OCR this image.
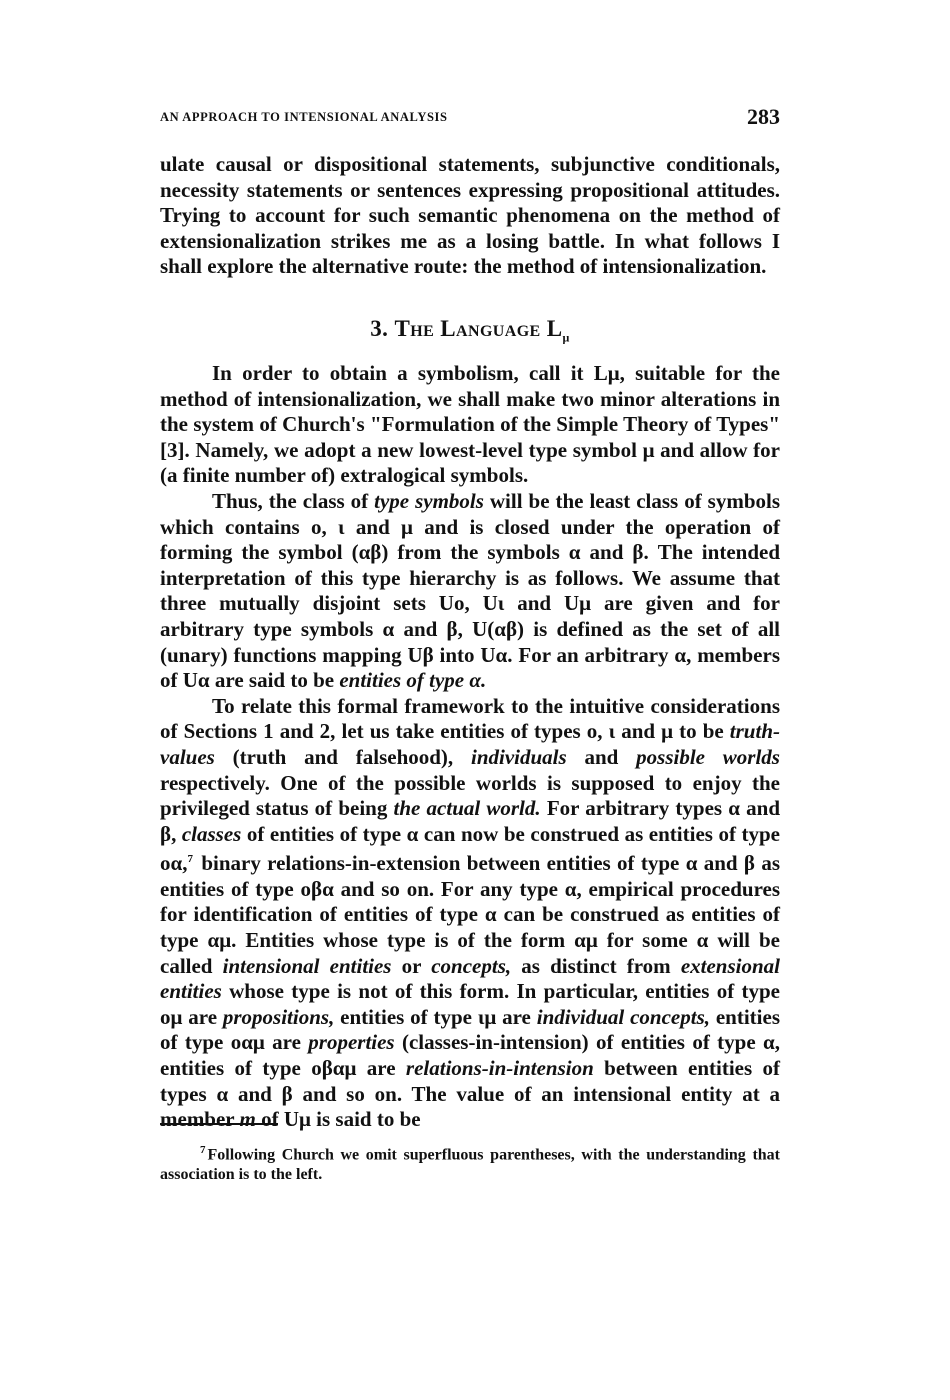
AN APPROACH TO INTENSIONAL ANALYSIS	283

ulate causal or dispositional statements, subjunctive conditionals, necessity statements or sentences expressing propositional attitudes. Trying to account for such semantic phenomena on the method of extensionalization strikes me as a losing battle. In what follows I shall explore the alternative route: the method of intensionalization.

3. The Language $L_\mu$

In order to obtain a symbolism, call it Lμ, suitable for the method of intensionalization, we shall make two minor alterations in the system of Church's "Formulation of the Simple Theory of Types" [3]. Namely, we adopt a new lowest-level type symbol μ and allow for (a finite number of) extralogical symbols.

Thus, the class of type symbols will be the least class of symbols which contains o, ι and μ and is closed under the operation of forming the symbol (αβ) from the symbols α and β. The intended interpretation of this type hierarchy is as follows. We assume that three mutually disjoint sets Uo, Uι and Uμ are given and for arbitrary type symbols α and β, U(αβ) is defined as the set of all (unary) functions mapping Uβ into Uα. For an arbitrary α, members of Uα are said to be entities of type α.

To relate this formal framework to the intuitive considerations of Sections 1 and 2, let us take entities of types o, ι and μ to be truth-values (truth and falsehood), individuals and possible worlds respectively. One of the possible worlds is supposed to enjoy the privileged status of being the actual world. For arbitrary types α and β, classes of entities of type α can now be construed as entities of type oα,$^7$ binary relations-in-extension between entities of type α and β as entities of type oβα and so on. For any type α, empirical procedures for identification of entities of type α can be construed as entities of type αμ. Entities whose type is of the form αμ for some α will be called intensional entities or concepts, as distinct from extensional entities whose type is not of this form. In particular, entities of type oμ are propositions, entities of type ιμ are individual concepts, entities of type oαμ are properties (classes-in-intension) of entities of type α, entities of type oβαμ are relations-in-intension between entities of types α and β and so on. The value of an intensional entity at a member m of Uμ is said to be

$^7$ Following Church we omit superfluous parentheses, with the understanding that association is to the left.
